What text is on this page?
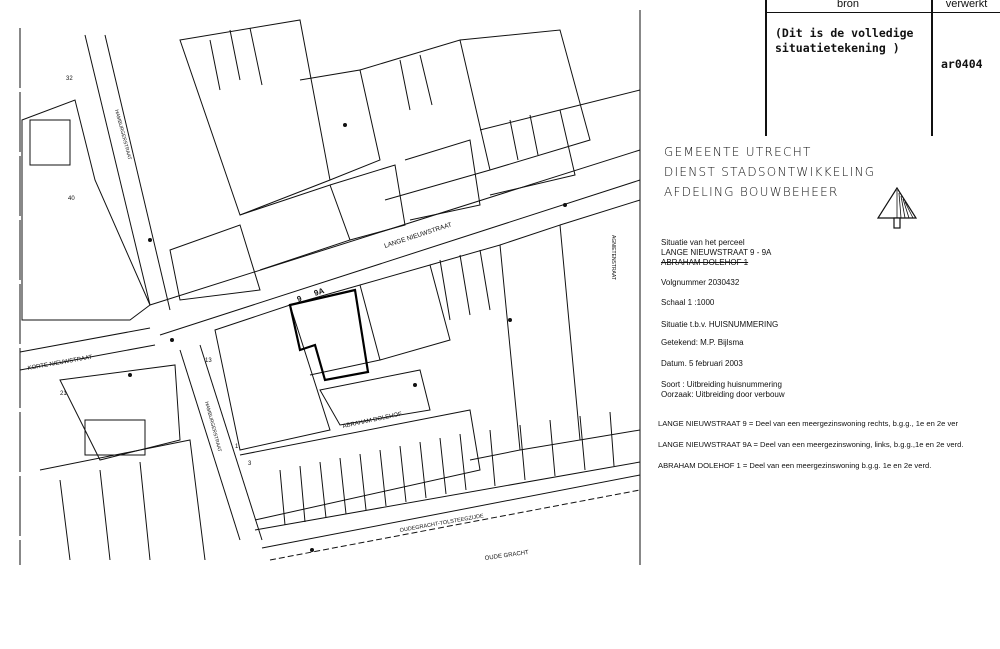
LANGE NIEUWSTRAAT
KORTE NIEUWSTRAAT
ABRAHAM DOLEHOF
OUDEGRACHT-TOLSTEEGZIJDE
OUDE GRACHT
HAMBURGERSTRAAT
HAMBURGERSTRAAT
AGNIETENSTRAAT
9
9A
13
3
1
21
40
32
bron	verwerkt
(Dit is de volledige
situatietekening )
ar0404
GEMEENTE UTRECHT
DIENST STADSONTWIKKELING
AFDELING BOUWBEHEER
Situatie van het perceel
LANGE NIEUWSTRAAT 9 - 9A
ABRAHAM DOLEHOF 1
Volgnummer 2030432
Schaal 1 :1000
Situatie t.b.v. HUISNUMMERING
Getekend: M.P. Bijlsma
Datum. 5 februari 2003
Soort : Uitbreiding huisnummering
Oorzaak: Uitbreiding door verbouw
LANGE NIEUWSTRAAT 9 = Deel van een meergezinswoning rechts, b.g.g., 1e en 2e ver
LANGE NIEUWSTRAAT 9A = Deel van een meergezinswoning, links, b.g.g.,1e en 2e verd.
ABRAHAM DOLEHOF 1 = Deel van een meergezinswoning b.g.g. 1e en 2e verd.
